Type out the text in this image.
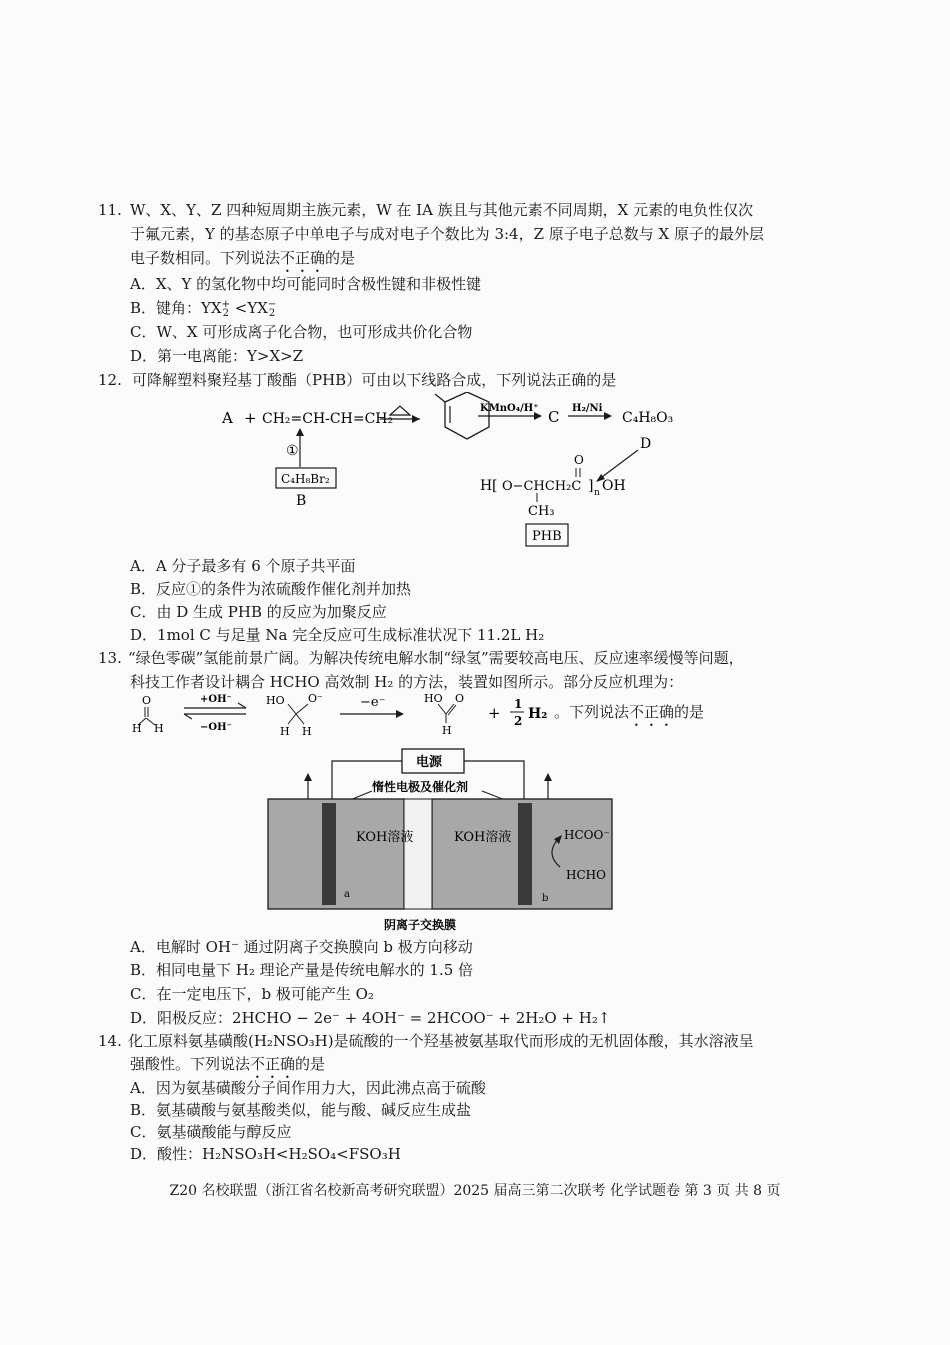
11. W、X、Y、Z 四种短周期主族元素，W 在 IA 族且与其他元素不同周期，X 元素的电负性仅次
于氟元素，Y 的基态原子中单电子与成对电子个数比为 3:4，Z 原子电子总数与 X 原子的最外层
电子数相同。下列说法不正确的是
A．X、Y 的氢化物中均可能同时含极性键和非极性键
B．键角：YX +
2 <YX −
2
C．W、X 可形成离子化合物，也可形成共价化合物
D．第一电离能：Y>X>Z
12. 可降解塑料聚羟基丁酸酯（PHB）可由以下线路合成，下列说法正确的是
A + CH₂=CH-CH=CH₂
KMnO₄/H⁺ C H₂/Ni
C₄H₈O₃
D
①
C₄H₈Br₂
B
H [ O−CHCH₂C ] n OH
O
CH₃
PHB
A．A 分子最多有 6 个原子共平面
B．反应①的条件为浓硫酸作催化剂并加热
C．由 D 生成 PHB 的反应为加聚反应
D．1mol C 与足量 Na 完全反应可生成标准状况下 11.2L H₂
13. “绿色零碳”氢能前景广阔。为解决传统电解水制“绿氢”需要较高电压、反应速率缓慢等问题，
科技工作者设计耦合 HCHO 高效制 H₂ 的方法，装置如图所示。部分反应机理为：
O
H H
+OH⁻
−OH⁻
HO O⁻
H H
−e⁻	HO O
H
+ 1
2 H₂ 。下列说法不正确的是
电源
惰性电极及催化剂
a	b
KOH溶液	KOH溶液	HCOO⁻
HCHO
阴离子交换膜
A．电解时 OH⁻ 通过阴离子交换膜向 b 极方向移动
B．相同电量下 H₂ 理论产量是传统电解水的 1.5 倍
C．在一定电压下，b 极可能产生 O₂
D．阳极反应：2HCHO − 2e⁻ + 4OH⁻ = 2HCOO⁻ + 2H₂O + H₂↑
14. 化工原料氨基磺酸(H₂NSO₃H)是硫酸的一个羟基被氨基取代而形成的无机固体酸，其水溶液呈
强酸性。下列说法不正确的是
A．因为氨基磺酸分子间作用力大，因此沸点高于硫酸
B．氨基磺酸与氨基酸类似，能与酸、碱反应生成盐
C．氨基磺酸能与醇反应
D．酸性：H₂NSO₃H<H₂SO₄<FSO₃H
Z20 名校联盟（浙江省名校新高考研究联盟）2025 届高三第二次联考 化学试题卷 第 3 页 共 8 页
